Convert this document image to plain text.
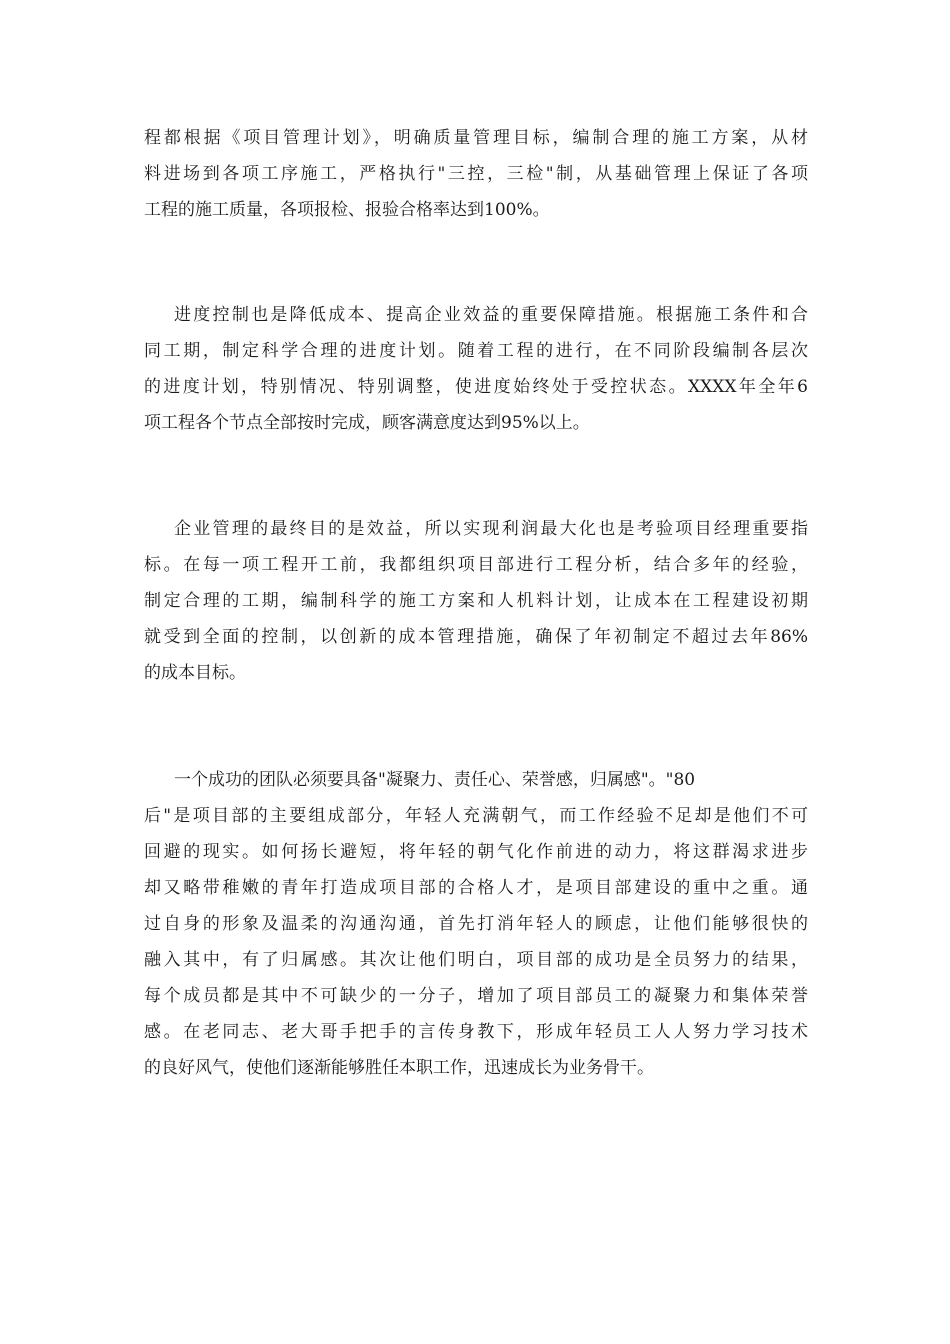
程都根据《项目管理计划》，明确质量管理目标，编制合理的施工方案，从材
料进场到各项工序施工，严格执行"三控，三检"制，从基础管理上保证了各项
工程的施工质量，各项报检、报验合格率达到100%。
进度控制也是降低成本、提高企业效益的重要保障措施。根据施工条件和合
同工期，制定科学合理的进度计划。随着工程的进行，在不同阶段编制各层次
的进度计划，特别情况、特别调整，使进度始终处于受控状态。XXXX年全年6
项工程各个节点全部按时完成，顾客满意度达到95%以上。
企业管理的最终目的是效益，所以实现利润最大化也是考验项目经理重要指
标。在每一项工程开工前，我都组织项目部进行工程分析，结合多年的经验，
制定合理的工期，编制科学的施工方案和人机料计划，让成本在工程建设初期
就受到全面的控制，以创新的成本管理措施，确保了年初制定不超过去年86%
的成本目标。
一个成功的团队必须要具备"凝聚力、责任心、荣誉感，归属感"。"80
后"是项目部的主要组成部分，年轻人充满朝气，而工作经验不足却是他们不可
回避的现实。如何扬长避短，将年轻的朝气化作前进的动力，将这群渴求进步
却又略带稚嫩的青年打造成项目部的合格人才，是项目部建设的重中之重。通
过自身的形象及温柔的沟通沟通，首先打消年轻人的顾虑，让他们能够很快的
融入其中，有了归属感。其次让他们明白，项目部的成功是全员努力的结果，
每个成员都是其中不可缺少的一分子，增加了项目部员工的凝聚力和集体荣誉
感。在老同志、老大哥手把手的言传身教下，形成年轻员工人人努力学习技术
的良好风气，使他们逐渐能够胜任本职工作，迅速成长为业务骨干。
